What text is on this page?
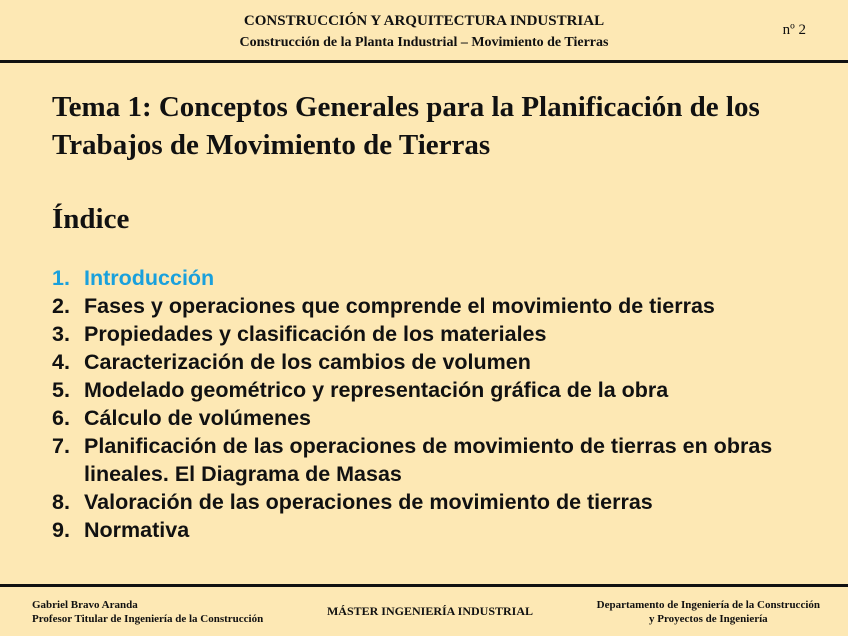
CONSTRUCCIÓN Y ARQUITECTURA INDUSTRIAL
Construcción de la Planta Industrial – Movimiento de Tierras
nº 2
Tema 1: Conceptos Generales para la Planificación de los Trabajos de Movimiento de Tierras
Índice
1. Introducción
2. Fases y operaciones que comprende el movimiento de tierras
3. Propiedades y clasificación de los materiales
4. Caracterización de los cambios de volumen
5. Modelado geométrico y representación gráfica de la obra
6. Cálculo de volúmenes
7. Planificación de las operaciones de movimiento de tierras en obras lineales. El Diagrama de Masas
8. Valoración de las operaciones de movimiento de tierras
9. Normativa
Gabriel Bravo Aranda
Profesor Titular de Ingeniería de la Construcción
MÁSTER INGENIERÍA INDUSTRIAL	Departamento de Ingeniería de la Construcción
y Proyectos de Ingeniería
